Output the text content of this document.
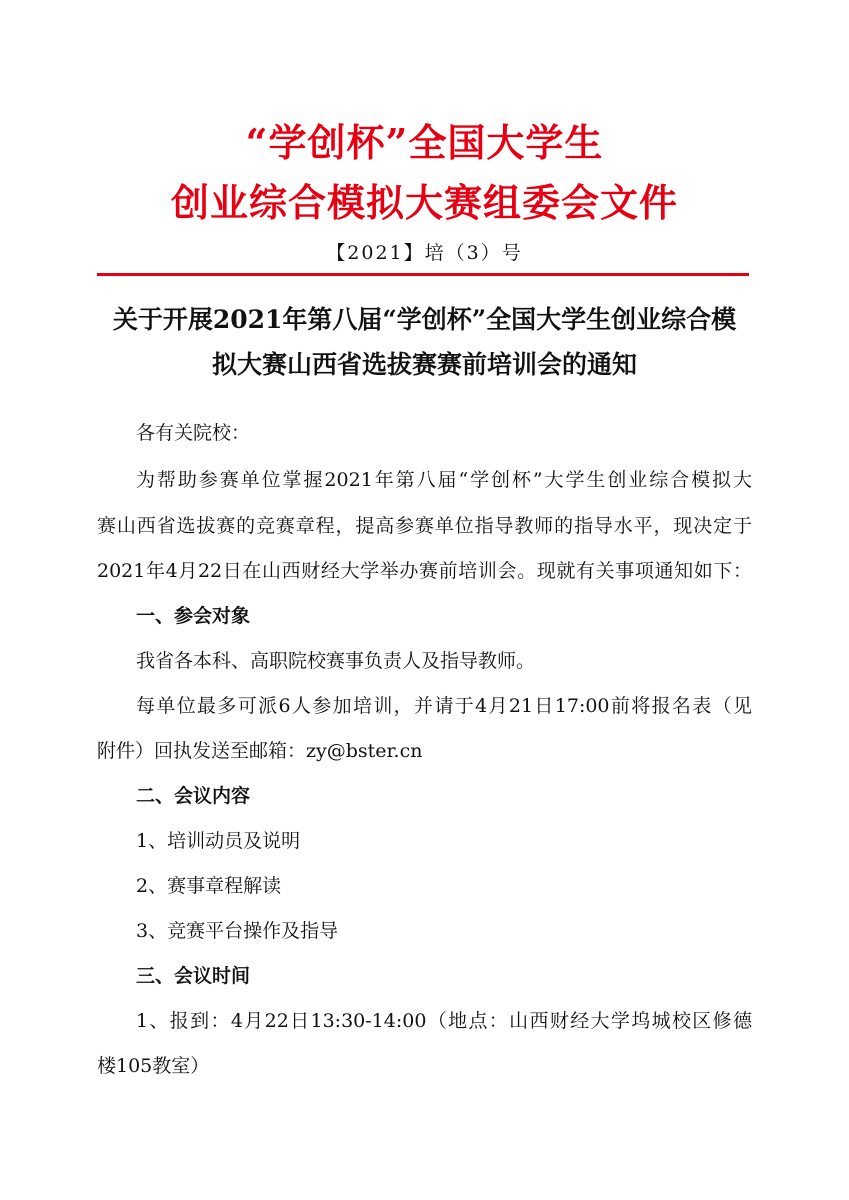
“学创杯”全国大学生
创业综合模拟大赛组委会文件
【2021】培（3）号
关于开展2021年第八届“学创杯”全国大学生创业综合模
拟大赛山西省选拔赛赛前培训会的通知
各有关院校：
为帮助参赛单位掌握2021年第八届“学创杯”大学生创业综合模拟大
赛山西省选拔赛的竞赛章程，提高参赛单位指导教师的指导水平，现决定于
2021年4月22日在山西财经大学举办赛前培训会。现就有关事项通知如下：
一、参会对象
我省各本科、高职院校赛事负责人及指导教师。
每单位最多可派6人参加培训，并请于4月21日17:00前将报名表（见
附件）回执发送至邮箱：zy@bster.cn
二、会议内容
1、培训动员及说明
2、赛事章程解读
3、竞赛平台操作及指导
三、会议时间
1、报到：4月22日13:30-14:00（地点：山西财经大学坞城校区修德
楼105教室）
